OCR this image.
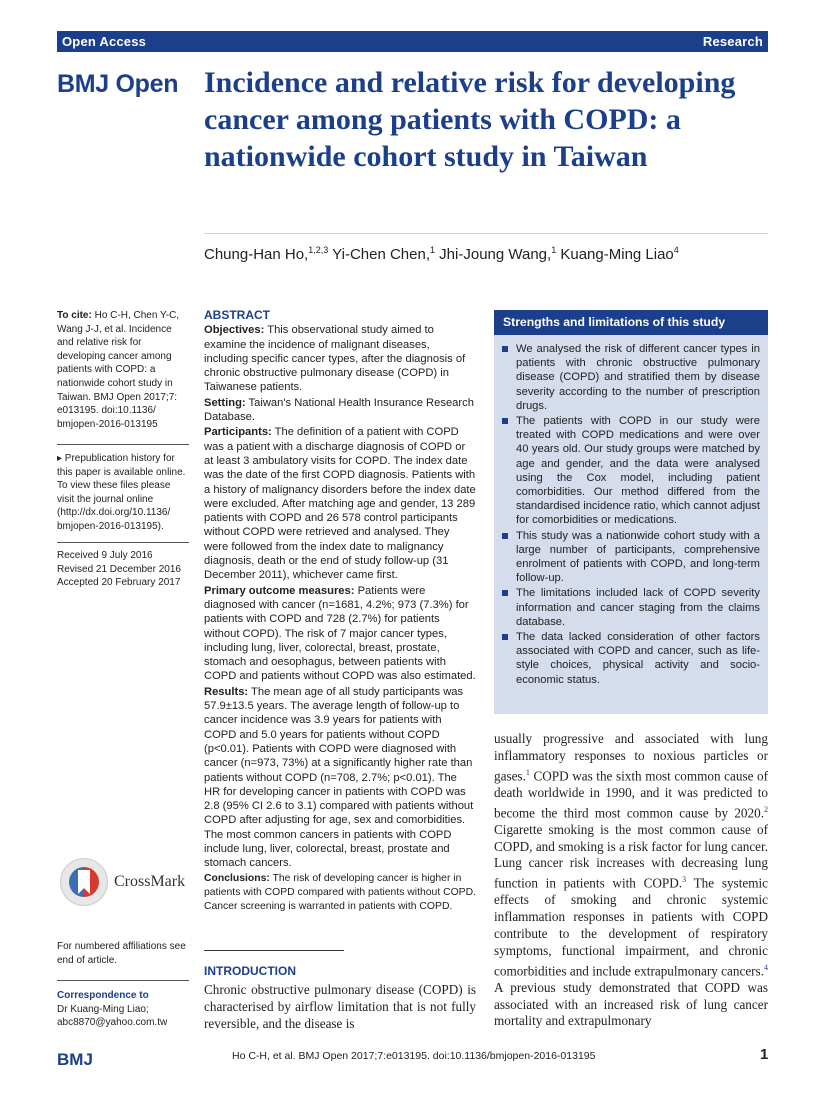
Open Access	Research
BMJ Open Incidence and relative risk for developing cancer among patients with COPD: a nationwide cohort study in Taiwan
Chung-Han Ho,$^{1,2,3}$ Yi-Chen Chen,$^1$ Jhi-Joung Wang,$^1$ Kuang-Ming Liao$^4$
To cite: Ho C-H, Chen Y-C, Wang J-J, et al. Incidence and relative risk for developing cancer among patients with COPD: a nationwide cohort study in Taiwan. BMJ Open 2017;7: e013195. doi:10.1136/ bmjopen-2016-013195
▸ Prepublication history for this paper is available online. To view these files please visit the journal online (http://dx.doi.org/10.1136/ bmjopen-2016-013195).
Received 9 July 2016
Revised 21 December 2016
Accepted 20 February 2017
CrossMark
For numbered affiliations see end of article.
Correspondence to
Dr Kuang-Ming Liao;
abc8870@yahoo.com.tw
ABSTRACT

Objectives: This observational study aimed to examine the incidence of malignant diseases, including specific cancer types, after the diagnosis of chronic obstructive pulmonary disease (COPD) in Taiwanese patients.

Setting: Taiwan's National Health Insurance Research Database.

Participants: The definition of a patient with COPD was a patient with a discharge diagnosis of COPD or at least 3 ambulatory visits for COPD. The index date was the date of the first COPD diagnosis. Patients with a history of malignancy disorders before the index date were excluded. After matching age and gender, 13 289 patients with COPD and 26 578 control participants without COPD were retrieved and analysed. They were followed from the index date to malignancy diagnosis, death or the end of study follow-up (31 December 2011), whichever came first.

Primary outcome measures: Patients were diagnosed with cancer (n=1681, 4.2%; 973 (7.3%) for patients with COPD and 728 (2.7%) for patients without COPD). The risk of 7 major cancer types, including lung, liver, colorectal, breast, prostate, stomach and oesophagus, between patients with COPD and patients without COPD was also estimated.

Results: The mean age of all study participants was 57.9±13.5 years. The average length of follow-up to cancer incidence was 3.9 years for patients with COPD and 5.0 years for patients without COPD (p<0.01). Patients with COPD were diagnosed with cancer (n=973, 73%) at a significantly higher rate than patients without COPD (n=708, 2.7%; p<0.01). The HR for developing cancer in patients with COPD was 2.8 (95% CI 2.6 to 3.1) compared with patients without COPD after adjusting for age, sex and comorbidities. The most common cancers in patients with COPD include lung, liver, colorectal, breast, prostate and stomach cancers.

Conclusions: The risk of developing cancer is higher in patients with COPD compared with patients without COPD. Cancer screening is warranted in patients with COPD.

INTRODUCTION
Chronic obstructive pulmonary disease (COPD) is characterised by airflow limitation that is not fully reversible, and the disease is
Strengths and limitations of this study
We analysed the risk of different cancer types in patients with chronic obstructive pulmonary disease (COPD) and stratified them by disease severity according to the number of prescription drugs.
The patients with COPD in our study were treated with COPD medications and were over 40 years old. Our study groups were matched by age and gender, and the data were analysed using the Cox model, including patient comorbidities. Our method differed from the standardised incidence ratio, which cannot adjust for comorbidities or medications.
This study was a nationwide cohort study with a large number of participants, comprehensive enrolment of patients with COPD, and long-term follow-up.
The limitations included lack of COPD severity information and cancer staging from the claims database.
The data lacked consideration of other factors associated with COPD and cancer, such as life-style choices, physical activity and socio-economic status.
usually progressive and associated with lung inflammatory responses to noxious particles or gases.$^1$ COPD was the sixth most common cause of death worldwide in 1990, and it was predicted to become the third most common cause by 2020.$^2$ Cigarette smoking is the most common cause of COPD, and smoking is a risk factor for lung cancer. Lung cancer risk increases with decreasing lung function in patients with COPD.$^3$ The systemic effects of smoking and chronic systemic inflammation responses in patients with COPD contribute to the development of respiratory symptoms, functional impairment, and chronic comorbidities and include extrapulmonary cancers.$^4$ A previous study demonstrated that COPD was associated with an increased risk of lung cancer mortality and extrapulmonary
BMJ	Ho C-H, et al. BMJ Open 2017;7:e013195. doi:10.1136/bmjopen-2016-013195	1
